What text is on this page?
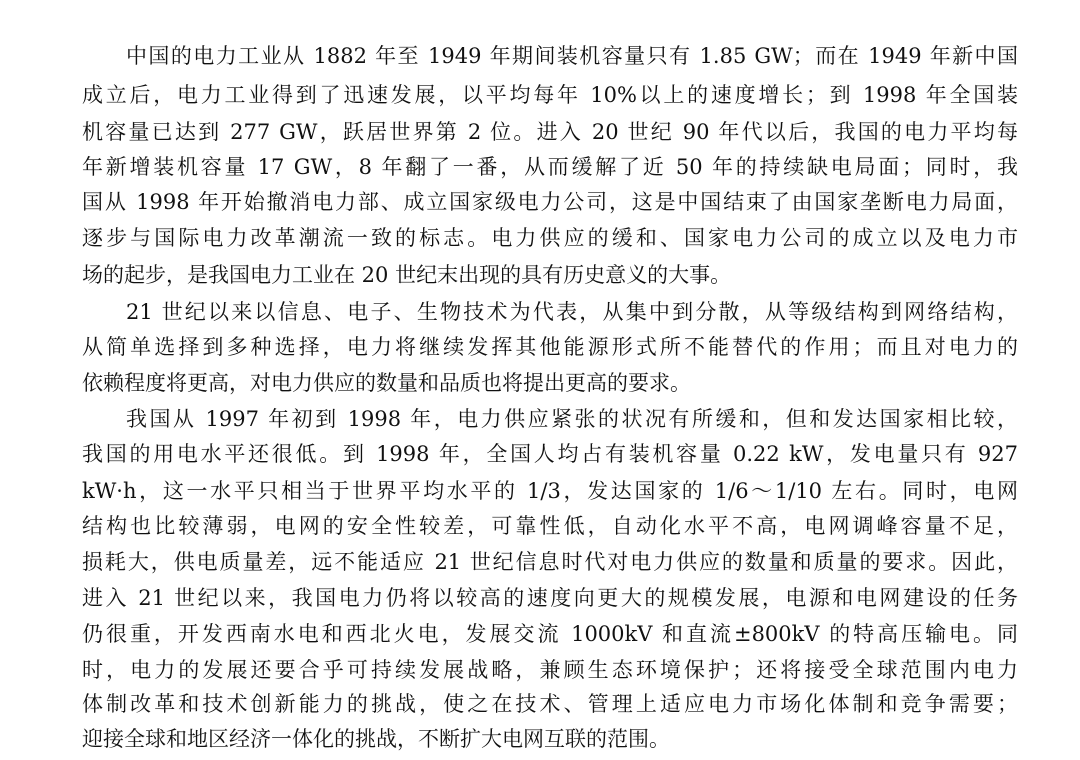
中国的电力工业从 1882 年至 1949 年期间装机容量只有 1.85 GW；而在 1949 年新中国

成立后，电力工业得到了迅速发展，以平均每年 10%以上的速度增长；到 1998 年全国装

机容量已达到 277 GW，跃居世界第 2 位。进入 20 世纪 90 年代以后，我国的电力平均每

年新增装机容量 17 GW，8 年翻了一番，从而缓解了近 50 年的持续缺电局面；同时，我

国从 1998 年开始撤消电力部、成立国家级电力公司，这是中国结束了由国家垄断电力局面，

逐步与国际电力改革潮流一致的标志。电力供应的缓和、国家电力公司的成立以及电力市

场的起步，是我国电力工业在 20 世纪末出现的具有历史意义的大事。

21 世纪以来以信息、电子、生物技术为代表，从集中到分散，从等级结构到网络结构，

从简单选择到多种选择，电力将继续发挥其他能源形式所不能替代的作用；而且对电力的

依赖程度将更高，对电力供应的数量和品质也将提出更高的要求。

我国从 1997 年初到 1998 年，电力供应紧张的状况有所缓和，但和发达国家相比较，

我国的用电水平还很低。到 1998 年，全国人均占有装机容量 0.22 kW，发电量只有 927

kW·h，这一水平只相当于世界平均水平的 1/3，发达国家的 1/6～1/10 左右。同时，电网

结构也比较薄弱，电网的安全性较差，可靠性低，自动化水平不高，电网调峰容量不足，

损耗大，供电质量差，远不能适应 21 世纪信息时代对电力供应的数量和质量的要求。因此，

进入 21 世纪以来，我国电力仍将以较高的速度向更大的规模发展，电源和电网建设的任务

仍很重，开发西南水电和西北火电，发展交流 1000kV 和直流±800kV 的特高压输电。同

时，电力的发展还要合乎可持续发展战略，兼顾生态环境保护；还将接受全球范围内电力

体制改革和技术创新能力的挑战，使之在技术、管理上适应电力市场化体制和竞争需要；

迎接全球和地区经济一体化的挑战，不断扩大电网互联的范围。
